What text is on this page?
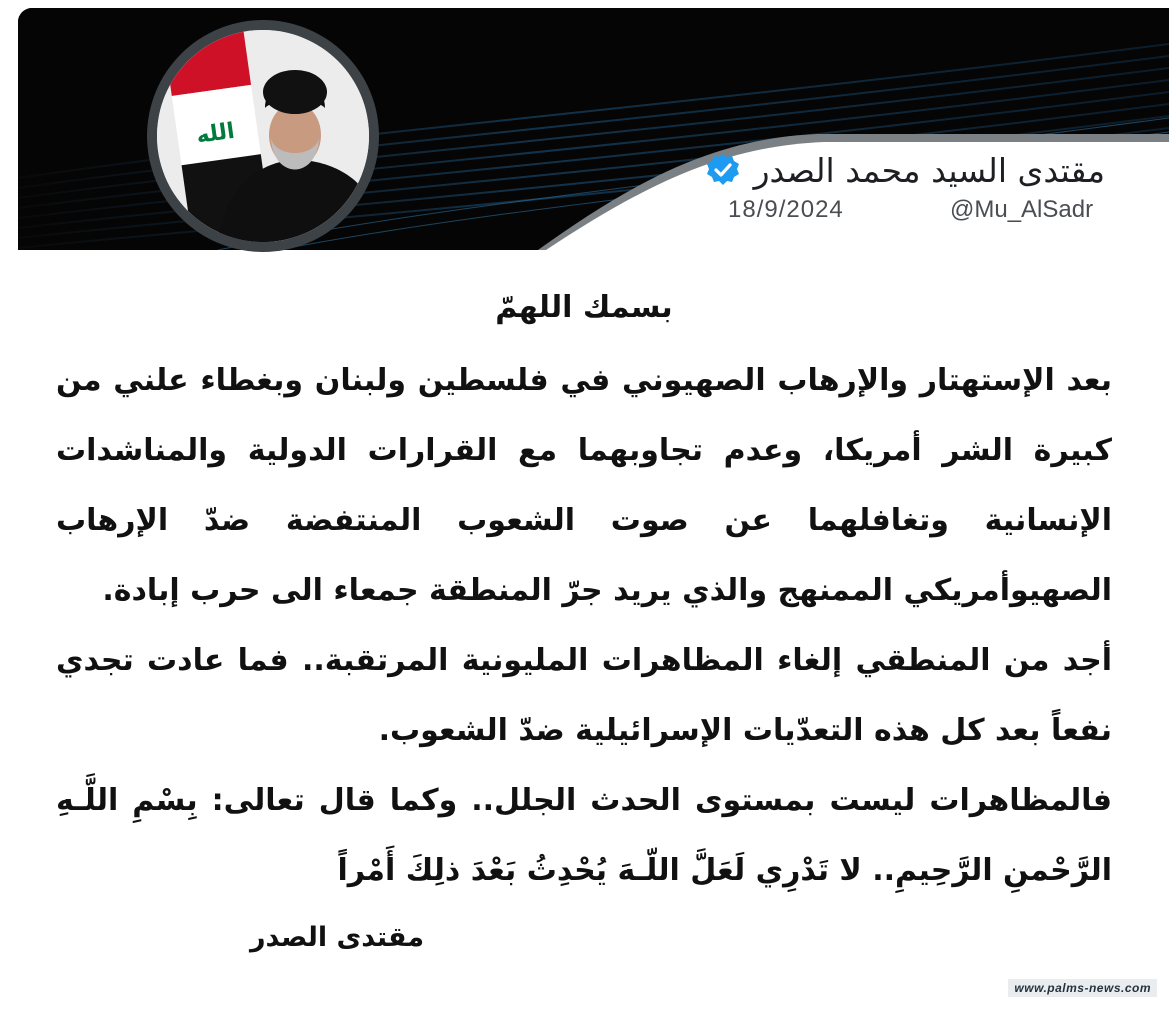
الله
مقتدى السيد محمد الصدر
@Mu_AlSadr
18/9/2024
بسمك اللهمّ

بعد الإستهتار والإرهاب الصهيوني في فلسطين ولبنان وبغطاء علني من كبيرة الشر أمريكا، وعدم تجاوبهما مع القرارات الدولية والمناشدات الإنسانية وتغافلهما عن صوت الشعوب المنتفضة ضدّ الإرهاب الصهيوأمريكي الممنهج والذي يريد جرّ المنطقة جمعاء الى حرب إبادة.

أجد من المنطقي إلغاء المظاهرات المليونية المرتقبة.. فما عادت تجدي نفعاً بعد كل هذه التعدّيات الإسرائيلية ضدّ الشعوب.

فالمظاهرات ليست بمستوى الحدث الجلل.. وكما قال تعالى: بِسْمِ اللَّـهِ الرَّحْمنِ الرَّحِيمِ.. لا تَدْرِي لَعَلَّ اللّـهَ يُحْدِثُ بَعْدَ ذلِكَ أَمْراً

مقتدى الصدر
www.palms-news.com
